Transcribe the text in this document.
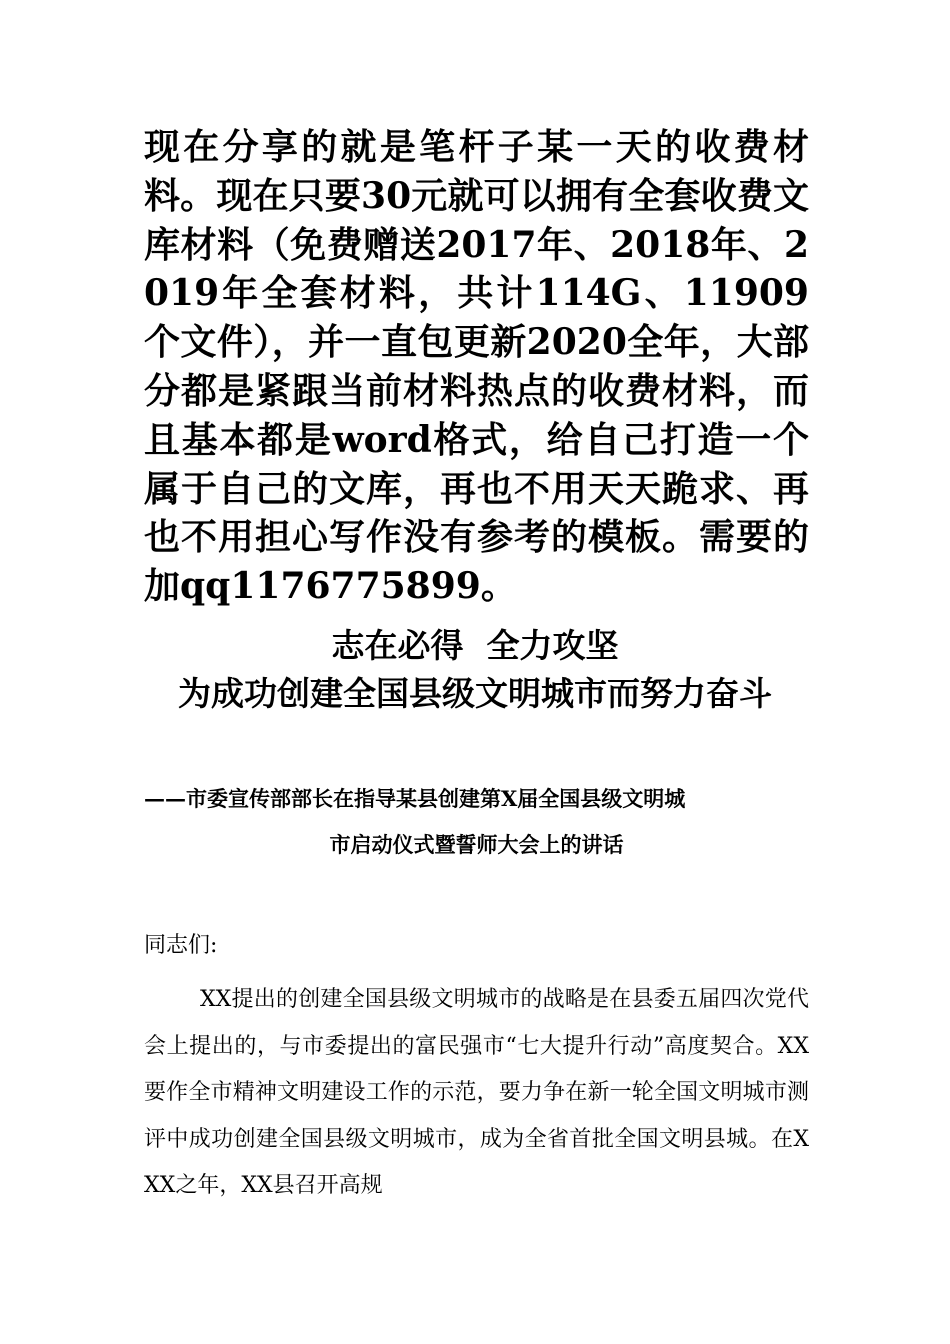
现在分享的就是笔杆子某一天的收费材料。现在只要30元就可以拥有全套收费文库材料（免费赠送2017年、2018年、2019年全套材料，共计114G、11909个文件），并一直包更新2020全年，大部分都是紧跟当前材料热点的收费材料，而且基本都是word格式，给自己打造一个属于自己的文库，再也不用天天跪求、再也不用担心写作没有参考的模板。需要的加qq1176775899。

志在必得  全力攻坚
为成功创建全国县级文明城市而努力奋斗

——市委宣传部部长在指导某县创建第X届全国县级文明城

市启动仪式暨誓师大会上的讲话

同志们:

XX提出的创建全国县级文明城市的战略是在县委五届四次党代会上提出的，与市委提出的富民强市“七大提升行动”高度契合。XX要作全市精神文明建设工作的示范，要力争在新一轮全国文明城市测评中成功创建全国县级文明城市，成为全省首批全国文明县城。在XXX之年，XX县召开高规
